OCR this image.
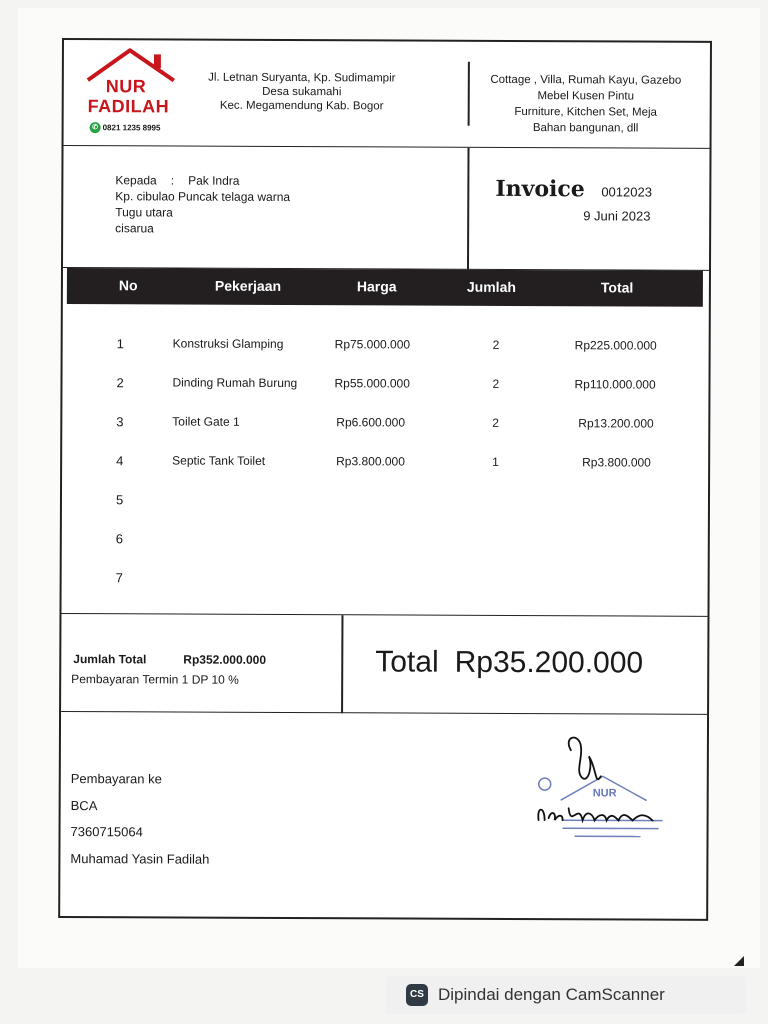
NUR
FADILAH
✆ 0821 1235 8995
Jl. Letnan Suryanta, Kp. Sudimampir
Desa sukamahi
Kec. Megamendung Kab. Bogor
Cottage , Villa, Rumah Kayu, Gazebo
Mebel Kusen Pintu
Furniture, Kitchen Set, Meja
Bahan bangunan, dll
Kepada : Pak Indra
Kp. cibulao Puncak telaga warna
Tugu utara
cisarua
Invoice 0012023
9 Juni 2023
No	Pekerjaan	Harga	Jumlah	Total
1	Konstruksi Glamping	Rp75.000.000	2	Rp225.000.000
2	Dinding Rumah Burung	Rp55.000.000	2	Rp110.000.000
3	Toilet Gate 1	Rp6.600.000	2	Rp13.200.000
4	Septic Tank Toilet	Rp3.800.000	1	Rp3.800.000
5
6
7
Jumlah Total	Rp352.000.000
Pembayaran Termin 1 DP 10 %
Total Rp35.200.000
Pembayaran ke
BCA
7360715064
Muhamad Yasin Fadilah
NUR
CS Dipindai dengan CamScanner
